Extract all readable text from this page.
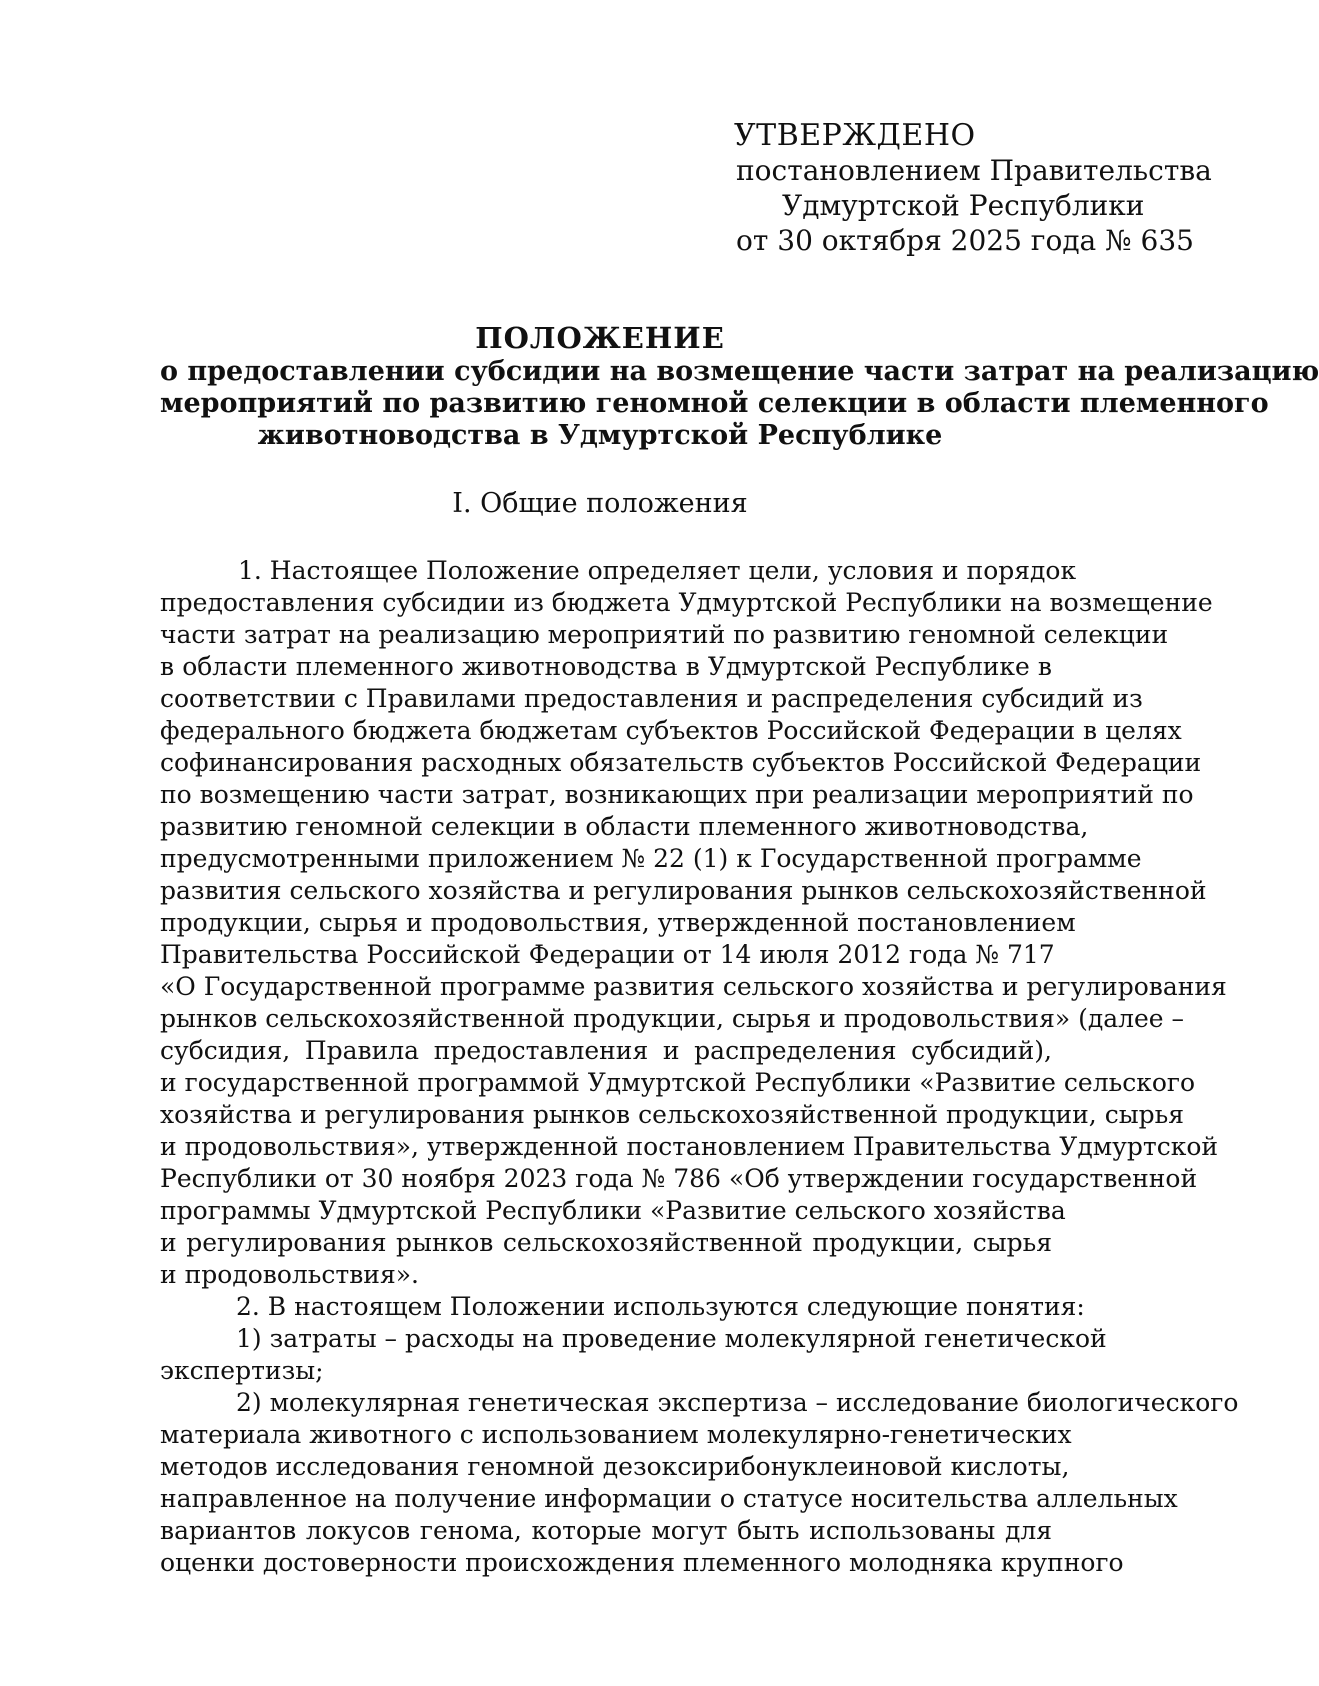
УТВЕРЖДЕНО
постановлением Правительства
Удмуртской Республики
от 30 октября 2025 года № 635
ПОЛОЖЕНИЕ
о предоставлении субсидии на возмещение части затрат на реализацию
мероприятий по развитию геномной селекции в области племенного
животноводства в Удмуртской Республике
I. Общие положения
1. Настоящее Положение определяет цели, условия и порядок
предоставления субсидии из бюджета Удмуртской Республики на возмещение
части затрат на реализацию мероприятий по развитию геномной селекции
в области племенного животноводства в Удмуртской Республике в
соответствии с Правилами предоставления и распределения субсидий из
федерального бюджета бюджетам субъектов Российской Федерации в целях
софинансирования расходных обязательств субъектов Российской Федерации
по возмещению части затрат, возникающих при реализации мероприятий по
развитию геномной селекции в области племенного животноводства,
предусмотренными приложением № 22 (1) к Государственной программе
развития сельского хозяйства и регулирования рынков сельскохозяйственной
продукции, сырья и продовольствия, утвержденной постановлением
Правительства Российской Федерации от 14 июля 2012 года № 717
«О Государственной программе развития сельского хозяйства и регулирования
рынков сельскохозяйственной продукции, сырья и продовольствия» (далее –
субсидия, Правила предоставления и распределения субсидий),
и государственной программой Удмуртской Республики «Развитие сельского
хозяйства и регулирования рынков сельскохозяйственной продукции, сырья
и продовольствия», утвержденной постановлением Правительства Удмуртской
Республики от 30 ноября 2023 года № 786 «Об утверждении государственной
программы Удмуртской Республики «Развитие сельского хозяйства
и регулирования рынков сельскохозяйственной продукции, сырья
и продовольствия».
2. В настоящем Положении используются следующие понятия:
1) затраты – расходы на проведение молекулярной генетической
экспертизы;
2) молекулярная генетическая экспертиза – исследование биологического
материала животного с использованием молекулярно-генетических
методов исследования геномной дезоксирибонуклеиновой кислоты,
направленное на получение информации о статусе носительства аллельных
вариантов локусов генома, которые могут быть использованы для
оценки достоверности происхождения племенного молодняка крупного
